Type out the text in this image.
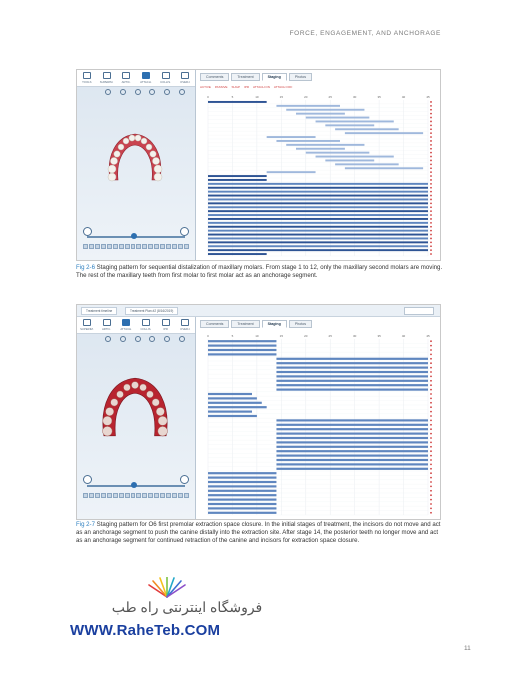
FORCE, ENGAGEMENT, AND ANCHORAGE
TOOLS	SUPERIM.	ARTIC.	ATTACH.	COLLIS.	OVERJ.
Comments	Treatment	Staging	Photos
ACTIVE PASSIVE SUGP IPR ATTACH ON ATTACH OFF
0	5	10	15	20	25	30	35	40	45

Fig 2-6 Staging pattern for sequential distalization of maxillary molars. From stage 1 to 12, only the maxillary second molars are moving. The rest of the maxillary teeth from first molar to first molar act as an anchorage segment.

Treatment timeline	Treatment Plan #2 (8/16/2019)
SUPERIM.	ARTIC.	ATTACH.	COLLIS.	IPR	OVERJ.
Comments	Treatment	Staging	Photos
0	5	10	15	20	25	30	35	40	45

Fig 2-7 Staging pattern for O6 first premolar extraction space closure. In the initial stages of treatment, the incisors do not move and act as an anchorage segment to push the canine distally into the extraction site. After stage 14, the posterior teeth no longer move and act as an anchorage segment for continued retraction of the canine and incisors for extraction space closure.

فروشگاه اینترنتی راه طب
WWW.RaheTeb.COM
11
